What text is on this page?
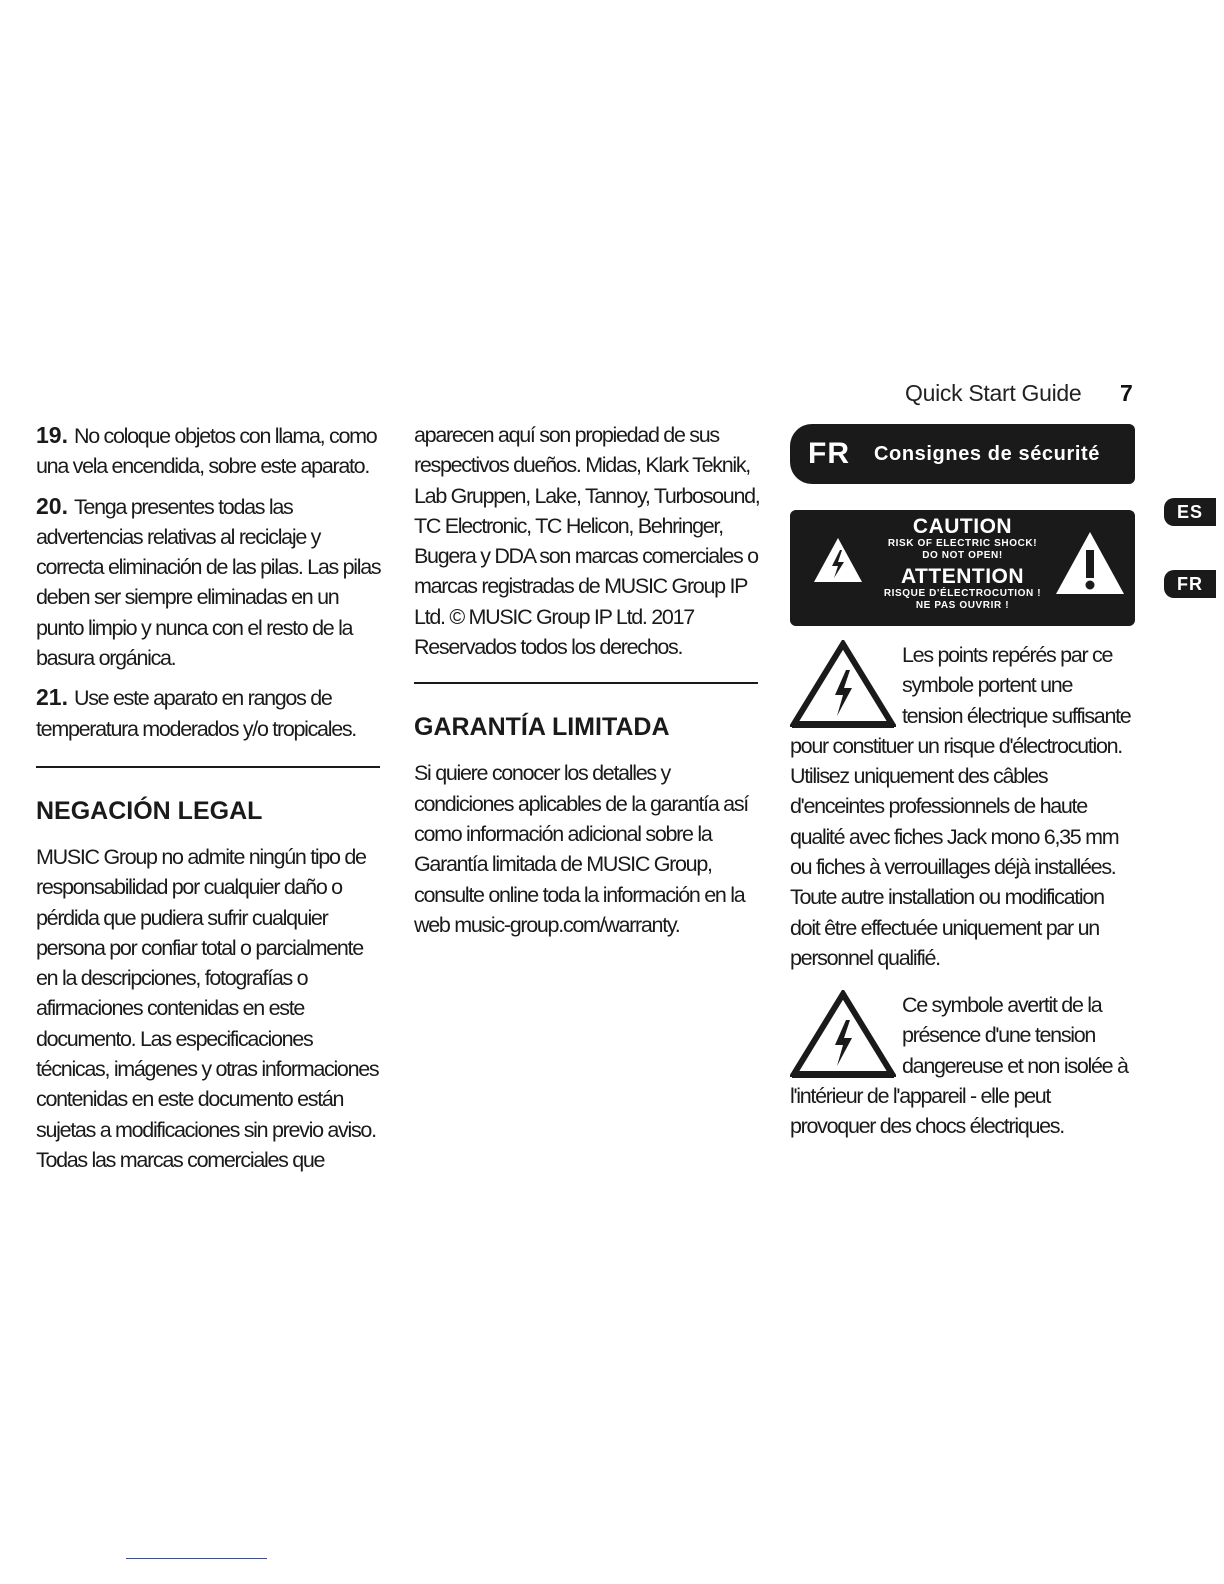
Quick Start Guide 7

19. No coloque objetos con llama, como una vela encendida, sobre este aparato.

20. Tenga presentes todas las advertencias relativas al reciclaje y correcta eliminación de las pilas. Las pilas deben ser siempre eliminadas en un punto limpio y nunca con el resto de la basura orgánica.

21. Use este aparato en rangos de temperatura moderados y/o tropicales.

NEGACIÓN LEGAL

MUSIC Group no admite ningún tipo de responsabilidad por cualquier daño o pérdida que pudiera sufrir cualquier persona por confiar total o parcialmente en la descripciones, fotografías o afirmaciones contenidas en este documento. Las especificaciones técnicas, imágenes y otras informaciones contenidas en este documento están sujetas a modificaciones sin previo aviso. Todas las marcas comerciales que

aparecen aquí son propiedad de sus respectivos dueños. Midas, Klark Teknik, Lab Gruppen, Lake, Tannoy, Turbosound, TC Electronic, TC Helicon, Behringer, Bugera y DDA son marcas comerciales o marcas registradas de MUSIC Group IP Ltd. © MUSIC Group IP Ltd. 2017 Reservados todos los derechos.

GARANTÍA LIMITADA

Si quiere conocer los detalles y condiciones aplicables de la garantía así como información adicional sobre la Garantía limitada de MUSIC Group, consulte online toda la información en la web music-group.com/warranty.

FR Consignes de sécurité
CAUTION
RISK OF ELECTRIC SHOCK!
DO NOT OPEN!
ATTENTION
RISQUE D'ÉLECTROCUTION !
NE PAS OUVRIR !

Les points repérés par ce symbole portent une tension électrique suffisante pour constituer un risque d'électrocution. Utilisez uniquement des câbles d'enceintes professionnels de haute qualité avec fiches Jack mono 6,35 mm ou fiches à verrouillages déjà installées. Toute autre installation ou modification doit être effectuée uniquement par un personnel qualifié.

Ce symbole avertit de la présence d'une tension dangereuse et non isolée à l'intérieur de l'appareil - elle peut provoquer des chocs électriques.

ES
FR
